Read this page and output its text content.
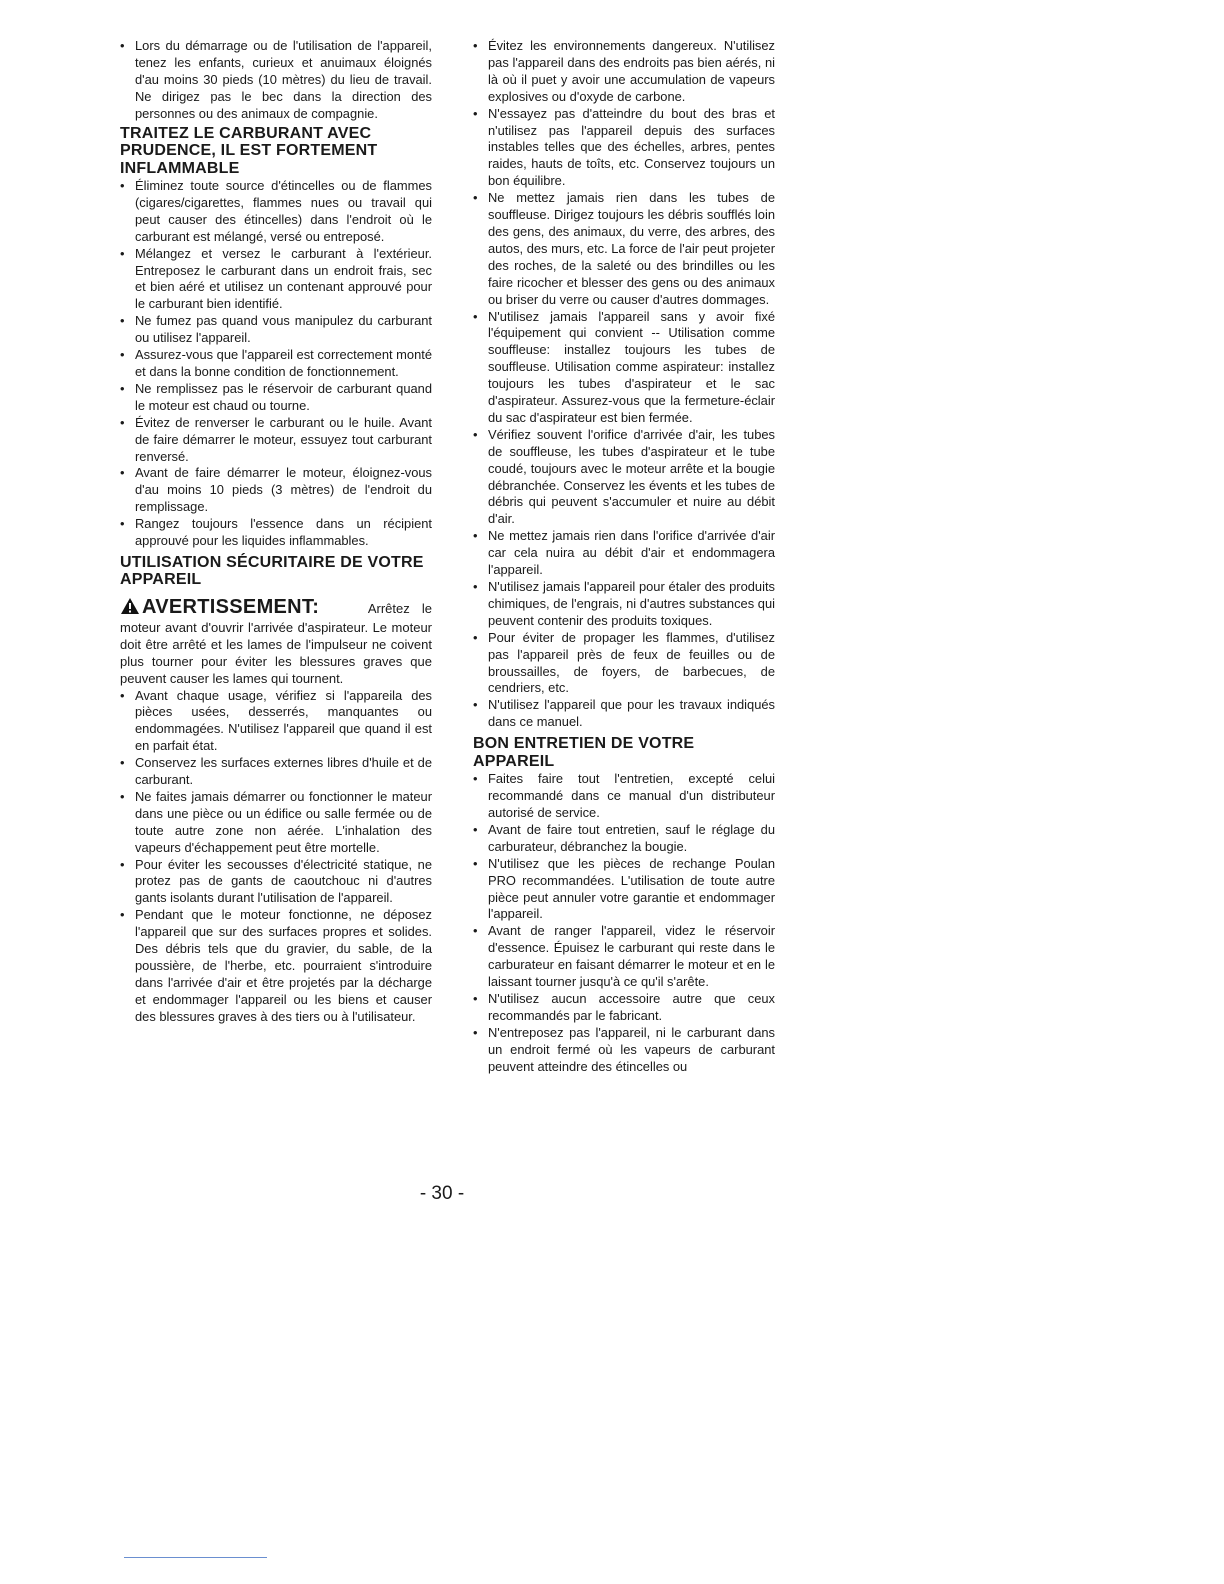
• Lors du démarrage ou de l'utilisation de l'appareil, tenez les enfants, curieux et anuimaux éloignés d'au moins 30 pieds (10 mètres) du lieu de travail. Ne dirigez pas le bec dans la direction des personnes ou des animaux de compagnie.
TRAITEZ LE CARBURANT AVEC PRUDENCE, IL EST FORTEMENT INFLAMMABLE
• Éliminez toute source d'étincelles ou de flammes (cigares/cigarettes, flammes nues ou travail qui peut causer des étincelles) dans l'endroit où le carburant est mélangé, versé ou entreposé.
• Mélangez et versez le carburant à l'extérieur. Entreposez le carburant dans un endroit frais, sec et bien aéré et utilisez un contenant approuvé pour le carburant bien identifié.
• Ne fumez pas quand vous manipulez du carburant ou utilisez l'appareil.
• Assurez-vous que l'appareil est correctement monté et dans la bonne condition de fonctionnement.
• Ne remplissez pas le réservoir de carburant quand le moteur est chaud ou tourne.
• Évitez de renverser le carburant ou le huile. Avant de faire démarrer le moteur, essuyez tout carburant renversé.
• Avant de faire démarrer le moteur, éloignez-vous d'au moins 10 pieds (3 mètres) de l'endroit du remplissage.
• Rangez toujours l'essence dans un récipient approuvé pour les liquides inflammables.
UTILISATION SÉCURITAIRE DE VOTRE APPAREIL
AVERTISSEMENT:	Arrêtez le moteur avant d'ouvrir l'arrivée d'aspirateur. Le moteur doit être arrêté et les lames de l'impulseur ne coivent plus tourner pour éviter les blessures graves que peuvent causer les lames qui tournent.
• Avant chaque usage, vérifiez si l'appareila des pièces usées, desserrés, manquantes ou endommagées. N'utilisez l'appareil que quand il est en parfait état.
• Conservez les surfaces externes libres d'huile et de carburant.
• Ne faites jamais démarrer ou fonctionner le mateur dans une pièce ou un édifice ou salle fermée ou de toute autre zone non aérée. L'inhalation des vapeurs d'échappement peut être mortelle.
• Pour éviter les secousses d'électricité statique, ne protez pas de gants de caoutchouc ni d'autres gants isolants durant l'utilisation de l'appareil.
• Pendant que le moteur fonctionne, ne déposez l'appareil que sur des surfaces propres et solides. Des débris tels que du gravier, du sable, de la poussière, de l'herbe, etc. pourraient s'introduire dans l'arrivée d'air et être projetés par la décharge et endommager l'appareil ou les biens et causer des blessures graves à des tiers ou à l'utilisateur.
• Évitez les environnements dangereux. N'utilisez pas l'appareil dans des endroits pas bien aérés, ni là où il puet y avoir une accumulation de vapeurs explosives ou d'oxyde de carbone.
• N'essayez pas d'atteindre du bout des bras et n'utilisez pas l'appareil depuis des surfaces instables telles que des échelles, arbres, pentes raides, hauts de toîts, etc. Conservez toujours un bon équilibre.
• Ne mettez jamais rien dans les tubes de souffleuse. Dirigez toujours les débris soufflés loin des gens, des animaux, du verre, des arbres, des autos, des murs, etc. La force de l'air peut projeter des roches, de la saleté ou des brindilles ou les faire ricocher et blesser des gens ou des animaux ou briser du verre ou causer d'autres dommages.
• N'utilisez jamais l'appareil sans y avoir fixé l'équipement qui convient -- Utilisation comme souffleuse: installez toujours les tubes de souffleuse. Utilisation comme aspirateur: installez toujours les tubes d'aspirateur et le sac d'aspirateur. Assurez-vous que la fermeture-éclair du sac d'aspirateur est bien fermée.
• Vérifiez souvent l'orifice d'arrivée d'air, les tubes de souffleuse, les tubes d'aspirateur et le tube coudé, toujours avec le moteur arrête et la bougie débranchée. Conservez les évents et les tubes de débris qui peuvent s'accumuler et nuire au débit d'air.
• Ne mettez jamais rien dans l'orifice d'arrivée d'air car cela nuira au débit d'air et endommagera l'appareil.
• N'utilisez jamais l'appareil pour étaler des produits chimiques, de l'engrais, ni d'autres substances qui peuvent contenir des produits toxiques.
• Pour éviter de propager les flammes, d'utilisez pas l'appareil près de feux de feuilles ou de broussailles, de foyers, de barbecues, de cendriers, etc.
• N'utilisez l'appareil que pour les travaux indiqués dans ce manuel.
BON ENTRETIEN DE VOTRE APPAREIL
• Faites faire tout l'entretien, excepté celui recommandé dans ce manual d'un distributeur autorisé de service.
• Avant de faire tout entretien, sauf le réglage du carburateur, débranchez la bougie.
• N'utilisez que les pièces de rechange Poulan PRO recommandées. L'utilisation de toute autre pièce peut annuler votre garantie et endommager l'appareil.
• Avant de ranger l'appareil, videz le réservoir d'essence. Épuisez le carburant qui reste dans le carburateur en faisant démarrer le moteur et en le laissant tourner jusqu'à ce qu'il s'arête.
• N'utilisez aucun accessoire autre que ceux recommandés par le fabricant.
• N'entreposez pas l'appareil, ni le carburant dans un endroit fermé où les vapeurs de carburant peuvent atteindre des étincelles ou
- 30 -
